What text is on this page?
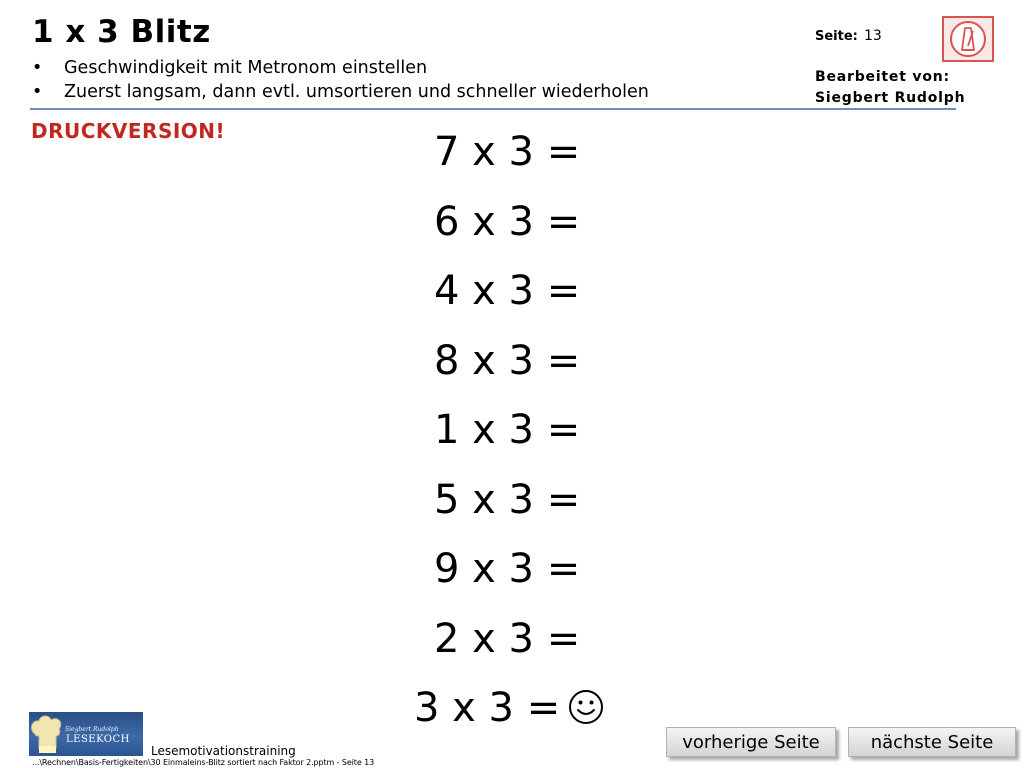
1 x 3 Blitz
• Geschwindigkeit mit Metronom einstellen
• Zuerst langsam, dann evtl. umsortieren und schneller wiederholen
Seite: 13
Bearbeitet von:
Siegbert Rudolph
DRUCKVERSION!	7 x 3 =
6 x 3 =
4 x 3 =
8 x 3 =
1 x 3 =
5 x 3 =
9 x 3 =
2 x 3 =
3 x 3 =
Siegbert Rudolph
LESEKOCH
Lesemotivationstraining
...\Rechnen\Basis-Fertigkeiten\30 Einmaleins-Blitz sortiert nach Faktor 2.pptm - Seite 13
vorherige Seite	nächste Seite
